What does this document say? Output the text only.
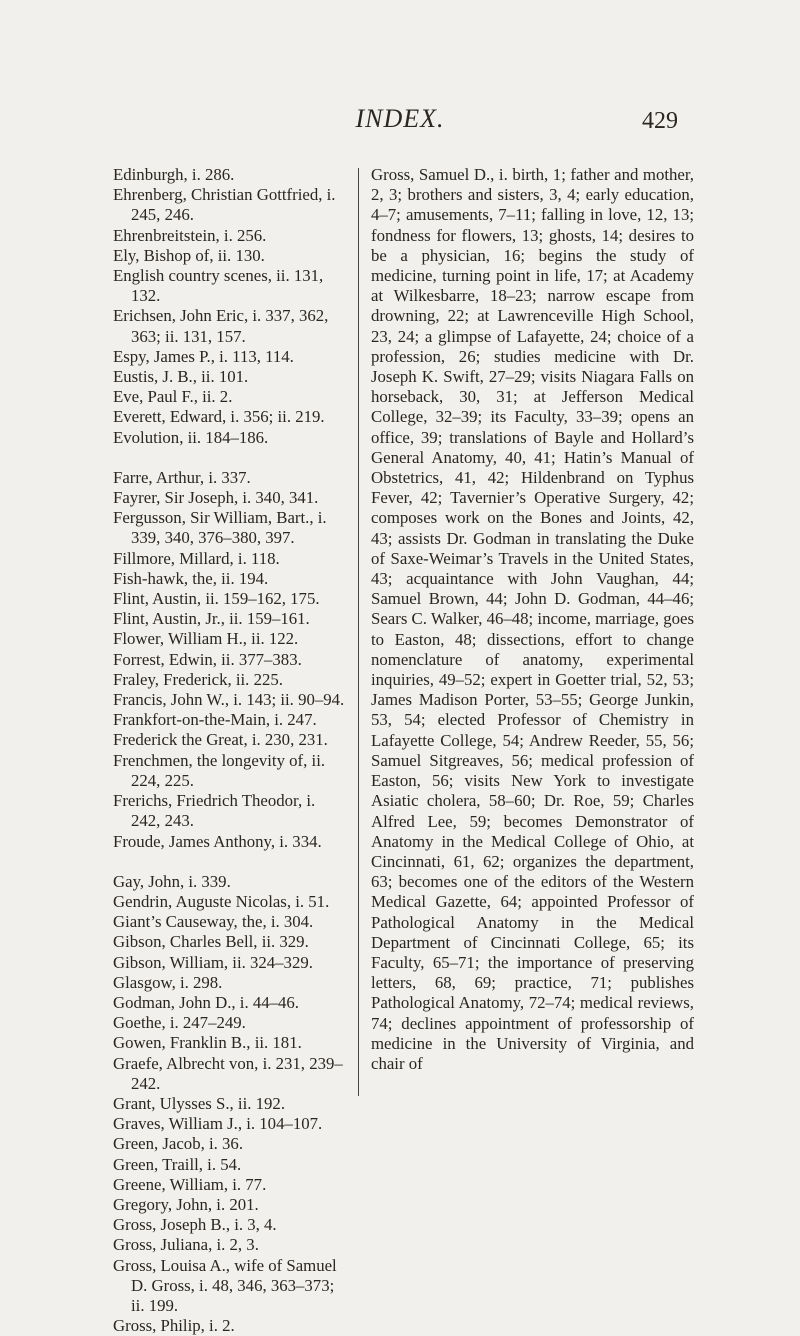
INDEX.	429

Edinburgh, i. 286.

Ehrenberg, Christian Gottfried, i. 245, 246.

Ehrenbreitstein, i. 256.

Ely, Bishop of, ii. 130.

English country scenes, ii. 131, 132.

Erichsen, John Eric, i. 337, 362, 363; ii. 131, 157.

Espy, James P., i. 113, 114.

Eustis, J. B., ii. 101.

Eve, Paul F., ii. 2.

Everett, Edward, i. 356; ii. 219.

Evolution, ii. 184–186.

Farre, Arthur, i. 337.

Fayrer, Sir Joseph, i. 340, 341.

Fergusson, Sir William, Bart., i. 339, 340, 376–380, 397.

Fillmore, Millard, i. 118.

Fish-hawk, the, ii. 194.

Flint, Austin, ii. 159–162, 175.

Flint, Austin, Jr., ii. 159–161.

Flower, William H., ii. 122.

Forrest, Edwin, ii. 377–383.

Fraley, Frederick, ii. 225.

Francis, John W., i. 143; ii. 90–94.

Frankfort-on-the-Main, i. 247.

Frederick the Great, i. 230, 231.

Frenchmen, the longevity of, ii. 224, 225.

Frerichs, Friedrich Theodor, i. 242, 243.

Froude, James Anthony, i. 334.

Gay, John, i. 339.

Gendrin, Auguste Nicolas, i. 51.

Giant’s Causeway, the, i. 304.

Gibson, Charles Bell, ii. 329.

Gibson, William, ii. 324–329.

Glasgow, i. 298.

Godman, John D., i. 44–46.

Goethe, i. 247–249.

Gowen, Franklin B., ii. 181.

Graefe, Albrecht von, i. 231, 239–242.

Grant, Ulysses S., ii. 192.

Graves, William J., i. 104–107.

Green, Jacob, i. 36.

Green, Traill, i. 54.

Greene, William, i. 77.

Gregory, John, i. 201.

Gross, Joseph B., i. 3, 4.

Gross, Juliana, i. 2, 3.

Gross, Louisa A., wife of Samuel D. Gross, i. 48, 346, 363–373; ii. 199.

Gross, Philip, i. 2.

Gross, Samuel D., i. birth, 1; father and mother, 2, 3; brothers and sisters, 3, 4; early education, 4–7; amusements, 7–11; falling in love, 12, 13; fondness for flowers, 13; ghosts, 14; desires to be a physician, 16; begins the study of medicine, turning point in life, 17; at Academy at Wilkesbarre, 18–23; narrow escape from drowning, 22; at Lawrenceville High School, 23, 24; a glimpse of Lafayette, 24; choice of a profession, 26; studies medicine with Dr. Joseph K. Swift, 27–29; visits Niagara Falls on horseback, 30, 31; at Jefferson Medical College, 32–39; its Faculty, 33–39; opens an office, 39; translations of Bayle and Hollard’s General Anatomy, 40, 41; Hatin’s Manual of Obstetrics, 41, 42; Hildenbrand on Typhus Fever, 42; Tavernier’s Operative Surgery, 42; composes work on the Bones and Joints, 42, 43; assists Dr. Godman in translating the Duke of Saxe-Weimar’s Travels in the United States, 43; acquaintance with John Vaughan, 44; Samuel Brown, 44; John D. Godman, 44–46; Sears C. Walker, 46–48; income, marriage, goes to Easton, 48; dissections, effort to change nomenclature of anatomy, experimental inquiries, 49–52; expert in Goetter trial, 52, 53; James Madison Porter, 53–55; George Junkin, 53, 54; elected Professor of Chemistry in Lafayette College, 54; Andrew Reeder, 55, 56; Samuel Sitgreaves, 56; medical profession of Easton, 56; visits New York to investigate Asiatic cholera, 58–60; Dr. Roe, 59; Charles Alfred Lee, 59; becomes Demonstrator of Anatomy in the Medical College of Ohio, at Cincinnati, 61, 62; organizes the department, 63; becomes one of the editors of the Western Medical Gazette, 64; appointed Professor of Pathological Anatomy in the Medical Department of Cincinnati College, 65; its Faculty, 65–71; the importance of preserving letters, 68, 69; practice, 71; publishes Pathological Anatomy, 72–74; medical reviews, 74; declines appointment of professorship of medicine in the University of Virginia, and chair of
